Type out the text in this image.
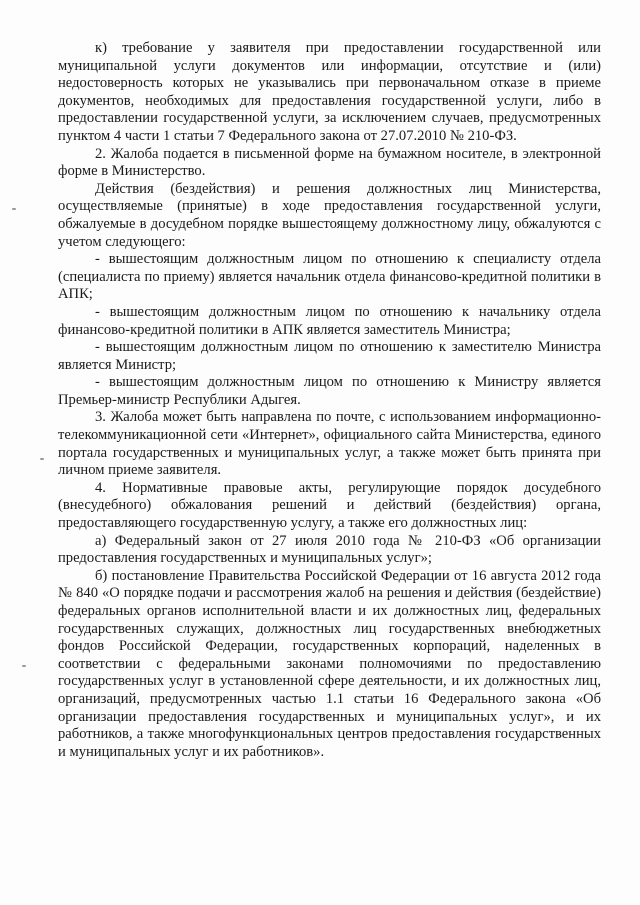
к) требование у заявителя при предоставлении государственной или муниципальной услуги документов или информации, отсутствие и (или) недостоверность которых не указывались при первоначальном отказе в приеме документов, необходимых для предоставления государственной услуги, либо в предоставлении государственной услуги, за исключением случаев, предусмотренных пунктом 4 части 1 статьи 7 Федерального закона от 27.07.2010 № 210-ФЗ.

2. Жалоба подается в письменной форме на бумажном носителе, в электронной форме в Министерство.

Действия (бездействия) и решения должностных лиц Министерства, осуществляемые (принятые) в ходе предоставления государственной услуги, обжалуемые в досудебном порядке вышестоящему должностному лицу, обжалуются с учетом следующего:

- вышестоящим должностным лицом по отношению к специалисту отдела (специалиста по приему) является начальник отдела финансово-кредитной политики в АПК;

- вышестоящим должностным лицом по отношению к начальнику отдела финансово-кредитной политики в АПК является заместитель Министра;

- вышестоящим должностным лицом по отношению к заместителю Министра является Министр;

- вышестоящим должностным лицом по отношению к Министру является Премьер-министр Республики Адыгея.

3. Жалоба может быть направлена по почте, с использованием информационно-телекоммуникационной сети «Интернет», официального сайта Министерства, единого портала государственных и муниципальных услуг, а также может быть принята при личном приеме заявителя.

4. Нормативные правовые акты, регулирующие порядок досудебного (внесудебного) обжалования решений и действий (бездействия) органа, предоставляющего государственную услугу, а также его должностных лиц:

а) Федеральный закон от 27 июля 2010 года № 210-ФЗ «Об организации предоставления государственных и муниципальных услуг»;

б) постановление Правительства Российской Федерации от 16 августа 2012 года № 840 «О порядке подачи и рассмотрения жалоб на решения и действия (бездействие) федеральных органов исполнительной власти и их должностных лиц, федеральных государственных служащих, должностных лиц государственных внебюджетных фондов Российской Федерации, государственных корпораций, наделенных в соответствии с федеральными законами полномочиями по предоставлению государственных услуг в установленной сфере деятельности, и их должностных лиц, организаций, предусмотренных частью 1.1 статьи 16 Федерального закона «Об организации предоставления государственных и муниципальных услуг», и их работников, а также многофункциональных центров предоставления государственных и муниципальных услуг и их работников».
